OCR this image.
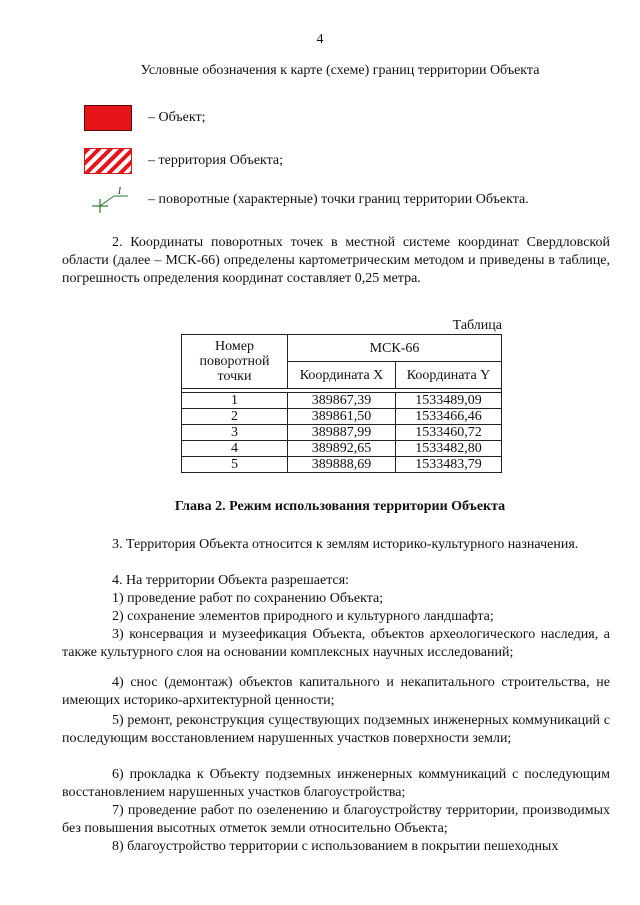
4
Условные обозначения к карте (схеме) границ территории Объекта
– Объект;
– территория Объекта;
1
– поворотные (характерные) точки границ территории Объекта.
2. Координаты поворотных точек в местной системе координат Свердловской области (далее – МСК-66) определены картометрическим методом и приведены в таблице, погрешность определения координат составляет 0,25 метра.
Таблица
Номер поворотной точки	МСК-66	
	Координата X	Координата Y

1	389867,39	1533489,09
2	389861,50	1533466,46
3	389887,99	1533460,72
4	389892,65	1533482,80
5	389888,69	1533483,79
Глава 2. Режим использования территории Объекта
3. Территория Объекта относится к землям историко-культурного назначения.
4. На территории Объекта разрешается:
1) проведение работ по сохранению Объекта;
2) сохранение элементов природного и культурного ландшафта;
3) консервация и музеефикация Объекта, объектов археологического наследия, а также культурного слоя на основании комплексных научных исследований;
4) снос (демонтаж) объектов капитального и некапитального строительства, не имеющих историко-архитектурной ценности;
5) ремонт, реконструкция существующих подземных инженерных коммуникаций с последующим восстановлением нарушенных участков поверхности земли;
6) прокладка к Объекту подземных инженерных коммуникаций с последующим восстановлением нарушенных участков благоустройства;
7) проведение работ по озеленению и благоустройству территории, производимых без повышения высотных отметок земли относительно Объекта;
8) благоустройство территории с использованием в покрытии пешеходных
